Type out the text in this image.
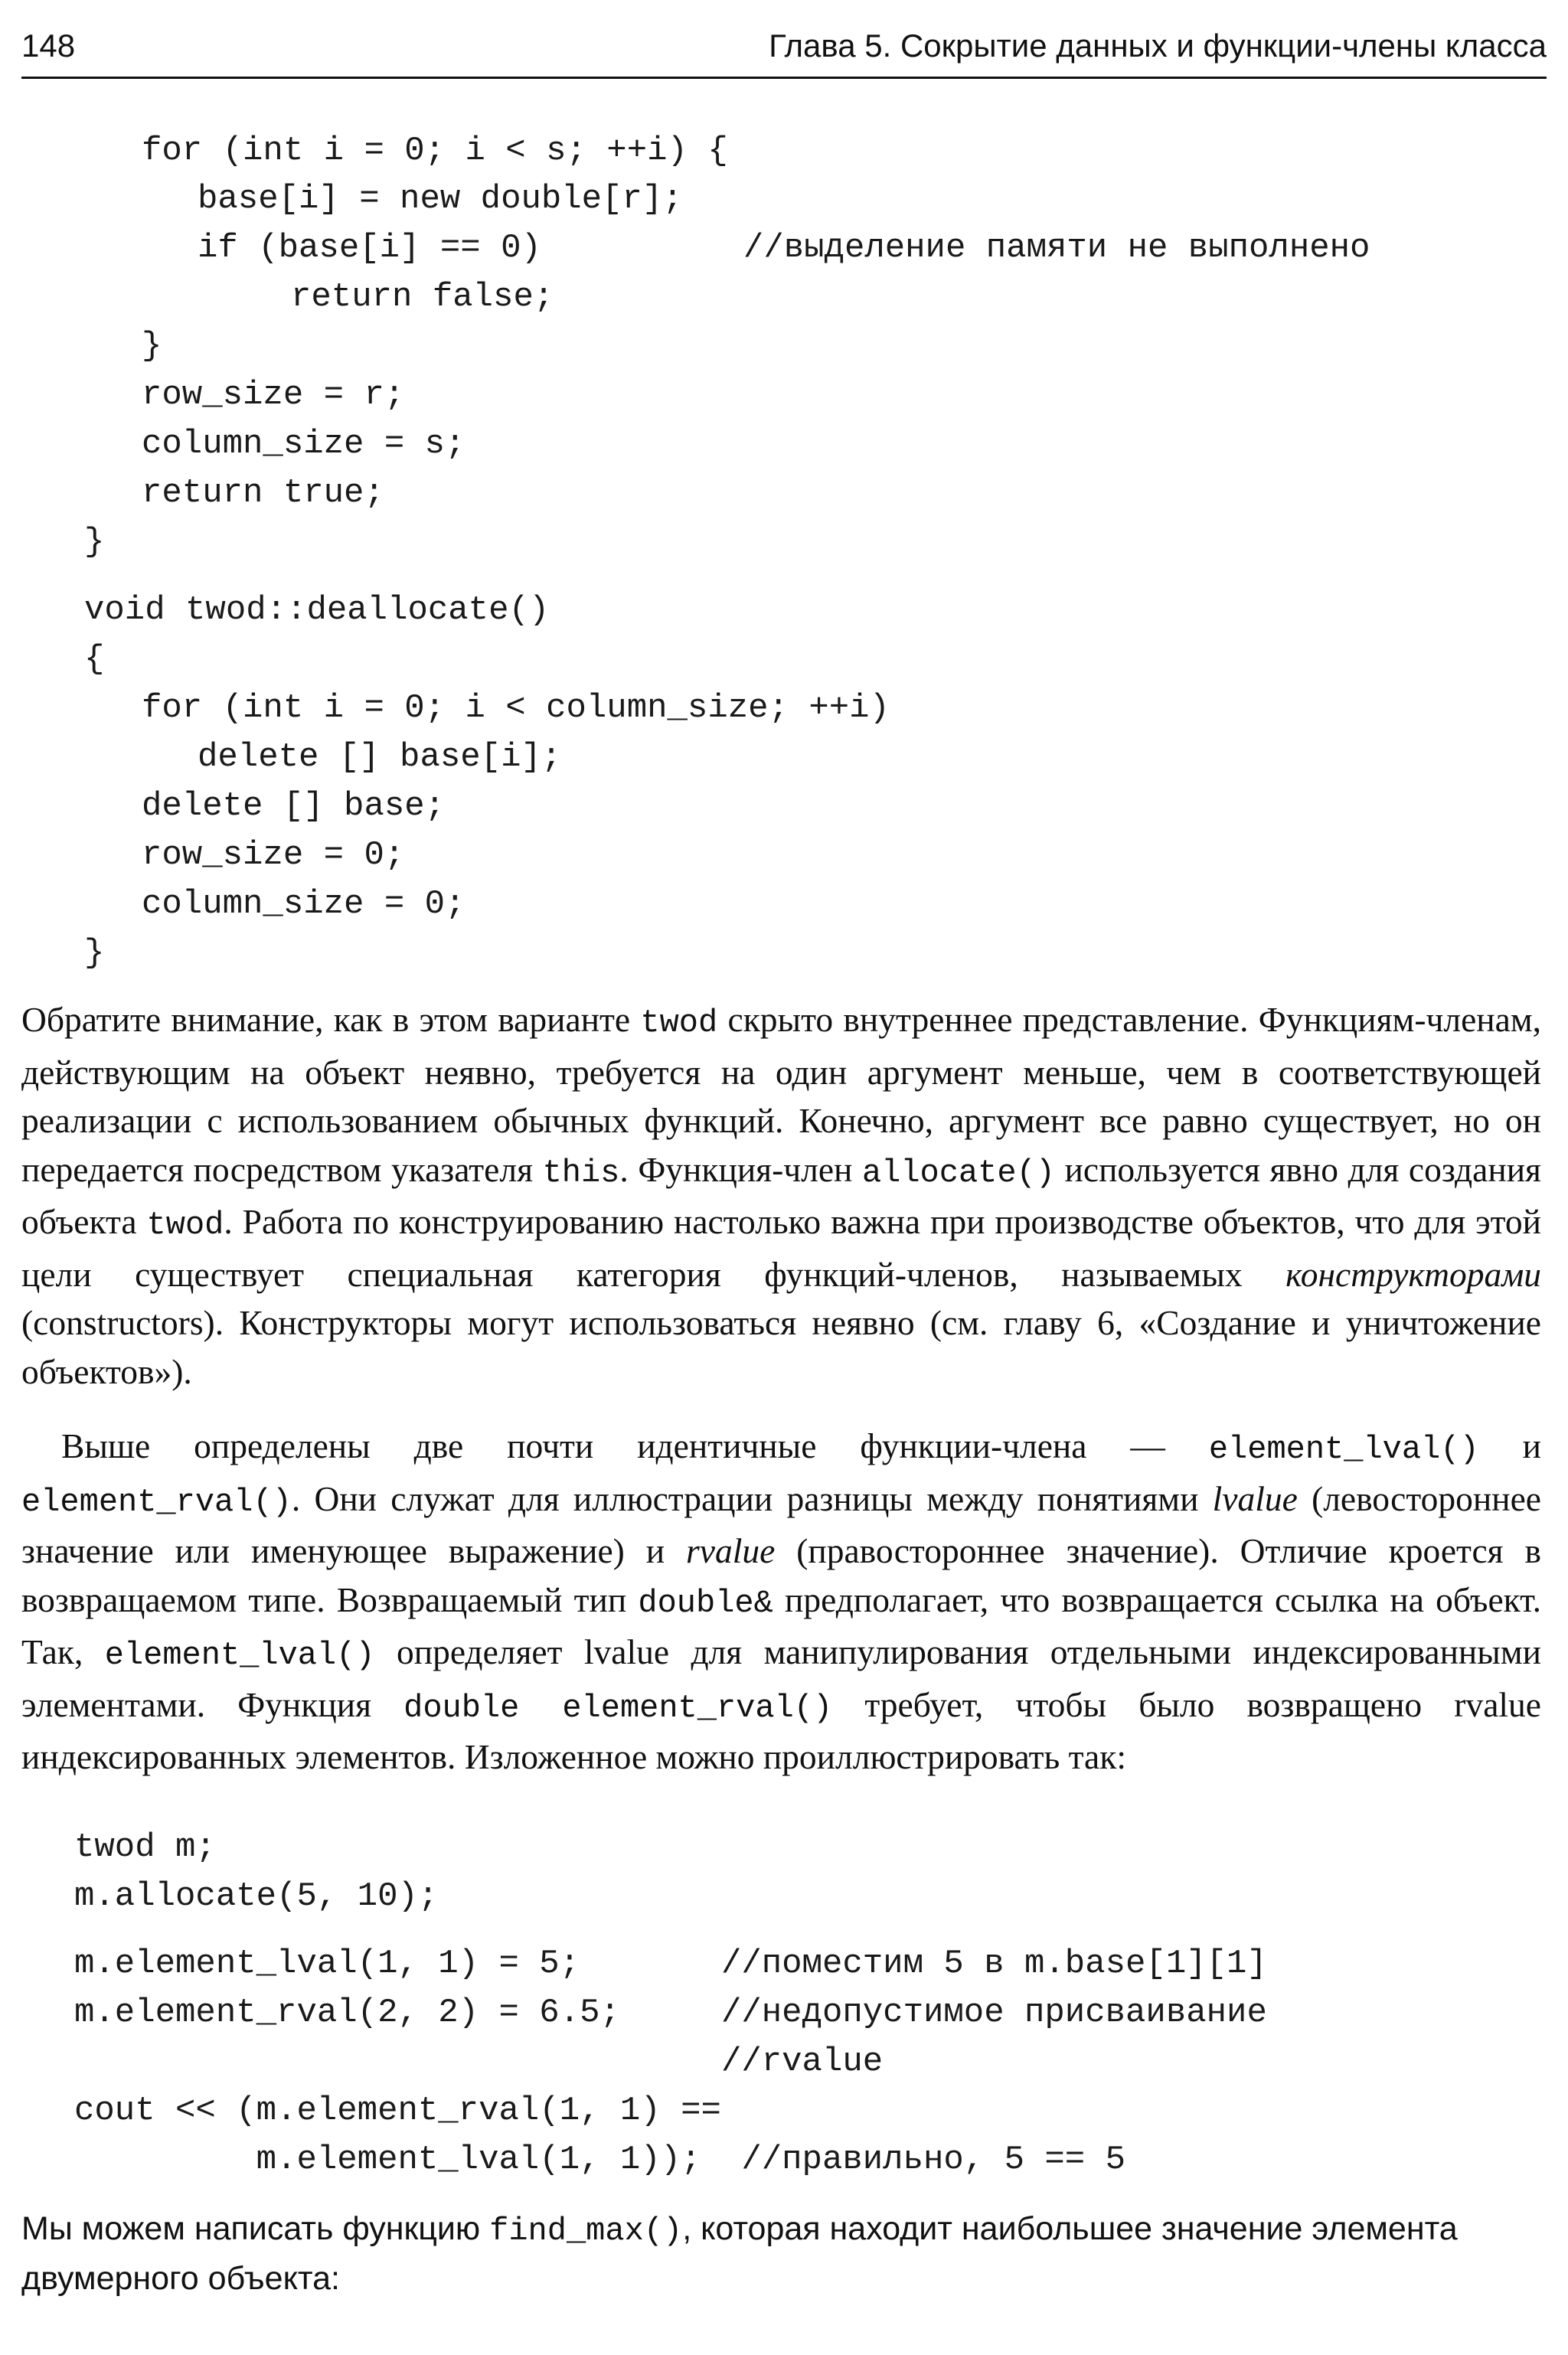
148	Глава 5. Сокрытие данных и функции-члены класса
for (int i = 0; i < s; ++i) {
base[i] = new double[r];
if (base[i] == 0)          //выделение памяти не выполнено
return false;
}
row_size = r;
column_size = s;
return true;
}
void twod::deallocate()
{
for (int i = 0; i < column_size; ++i)
delete [] base[i];
delete [] base;
row_size = 0;
column_size = 0;
}
Обратите внимание, как в этом варианте twod скрыто внутреннее представление. Функциям-членам, действующим на объект неявно, требуется на один аргумент меньше, чем в соответствующей реализации с использованием обычных функций. Конечно, аргумент все равно существует, но он передается посредством указателя this. Функция-член allocate() используется явно для создания объекта twod. Работа по конструированию настолько важна при производстве объектов, что для этой цели существует специальная категория функций-членов, называемых конструкторами (constructors). Конструкторы могут использоваться неявно (см. главу 6, «Создание и уничтожение объектов»).
Выше определены две почти идентичные функции-члена — element_lval() и element_rval(). Они служат для иллюстрации разницы между понятиями lvalue (левостороннее значение или именующее выражение) и rvalue (правостороннее значение). Отличие кроется в возвращаемом типе. Возвращаемый тип double& предполагает, что возвращается ссылка на объект. Так, element_lval() определяет lvalue для манипулирования отдельными индексированными элементами. Функция double element_rval() требует, чтобы было возвращено rvalue индексированных элементов. Изложенное можно проиллюстрировать так:
twod m;
m.allocate(5, 10);
m.element_lval(1, 1) = 5;       //поместим 5 в m.base[1][1]
m.element_rval(2, 2) = 6.5;     //недопустимое присваивание
//rvalue
cout << (m.element_rval(1, 1) ==
m.element_lval(1, 1));  //правильно, 5 == 5
Мы можем написать функцию find_max(), которая находит наибольшее значение элемента двумерного объекта:
